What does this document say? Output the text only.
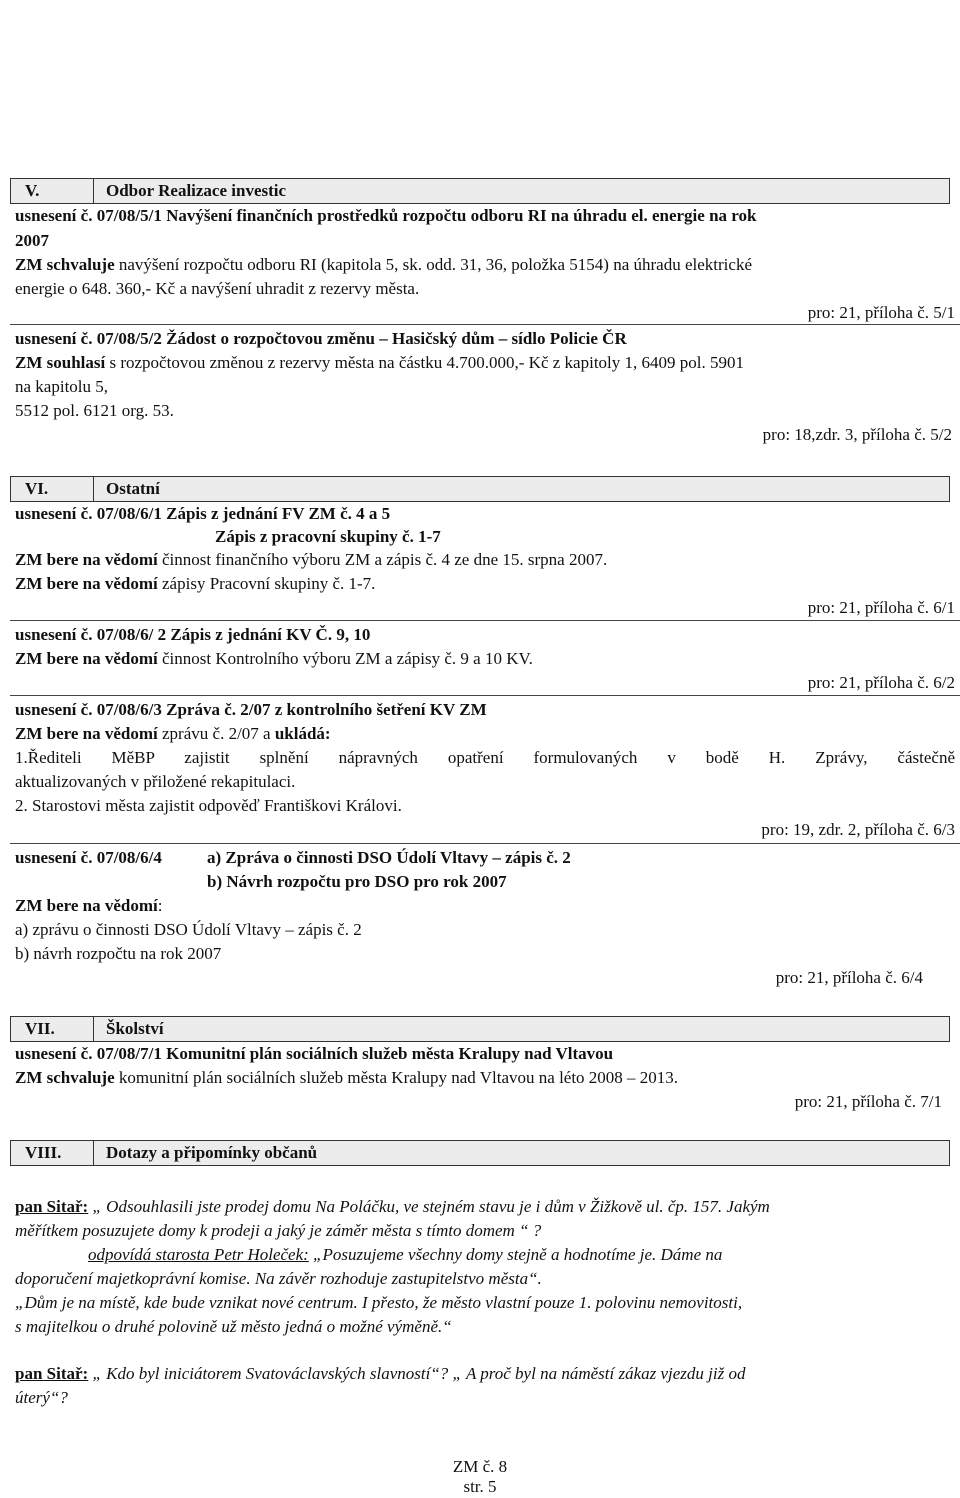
V.	Odbor Realizace investic
usnesení č. 07/08/5/1 Navýšení finančních prostředků rozpočtu odboru RI na úhradu el. energie na rok
2007
ZM schvaluje navýšení rozpočtu odboru RI (kapitola 5, sk. odd. 31, 36, položka 5154) na úhradu elektrické
energie o 648. 360,- Kč a navýšení uhradit z rezervy města.
pro: 21, příloha č. 5/1
usnesení č. 07/08/5/2 Žádost o rozpočtovou změnu – Hasičský dům – sídlo Policie ČR
ZM souhlasí s rozpočtovou změnou z rezervy města na částku 4.700.000,- Kč z kapitoly 1, 6409 pol. 5901
na kapitolu 5,
5512 pol. 6121 org. 53.
pro: 18,zdr. 3, příloha č. 5/2
VI.	Ostatní
usnesení č. 07/08/6/1 Zápis z jednání FV ZM č. 4 a 5
Zápis z pracovní skupiny č. 1-7
ZM bere na vědomí činnost finančního výboru ZM a zápis č. 4 ze dne 15. srpna 2007.
ZM bere na vědomí zápisy Pracovní skupiny č. 1-7.
pro: 21, příloha č. 6/1
usnesení č. 07/08/6/ 2 Zápis z jednání KV Č. 9, 10
ZM bere na vědomí činnost Kontrolního výboru ZM a zápisy č. 9 a 10 KV.
pro: 21, příloha č. 6/2
usnesení č. 07/08/6/3 Zpráva č. 2/07 z kontrolního šetření KV ZM
ZM bere na vědomí zprávu č. 2/07 a ukládá:
1.Řediteli MěBP zajistit splnění nápravných opatření formulovaných v bodě H. Zprávy, částečně
aktualizovaných v přiložené rekapitulaci.
2. Starostovi města zajistit odpověď Františkovi Královi.
pro: 19, zdr. 2, příloha č. 6/3
usnesení č. 07/08/6/4	a) Zpráva o činnosti DSO Údolí Vltavy – zápis č. 2
b) Návrh rozpočtu pro DSO pro rok 2007
ZM bere na vědomí:
a) zprávu o činnosti DSO Údolí Vltavy – zápis č. 2
b) návrh rozpočtu na rok 2007
pro: 21, příloha č. 6/4
VII.	Školství
usnesení č. 07/08/7/1 Komunitní plán sociálních služeb města Kralupy nad Vltavou
ZM schvaluje komunitní plán sociálních služeb města Kralupy nad Vltavou na léto 2008 – 2013.
pro: 21, příloha č. 7/1
VIII.	Dotazy a připomínky občanů
pan Sitař: „ Odsouhlasili jste prodej domu Na Poláčku, ve stejném stavu je i dům v Žižkově ul. čp. 157. Jakým
měřítkem posuzujete domy k prodeji a jaký je záměr města s tímto domem “ ?
odpovídá starosta Petr Holeček: „Posuzujeme všechny domy stejně a hodnotíme je. Dáme na
doporučení majetkoprávní komise. Na závěr rozhoduje zastupitelstvo města“.
„Dům je na místě, kde bude vznikat nové centrum. I přesto, že město vlastní pouze 1. polovinu nemovitosti,
s majitelkou o druhé polovině už město jedná o možné výměně.“
pan Sitař: „ Kdo byl iniciátorem Svatováclavských slavností“? „ A proč byl na náměstí zákaz vjezdu již od
úterý“?
ZM č. 8
str. 5
